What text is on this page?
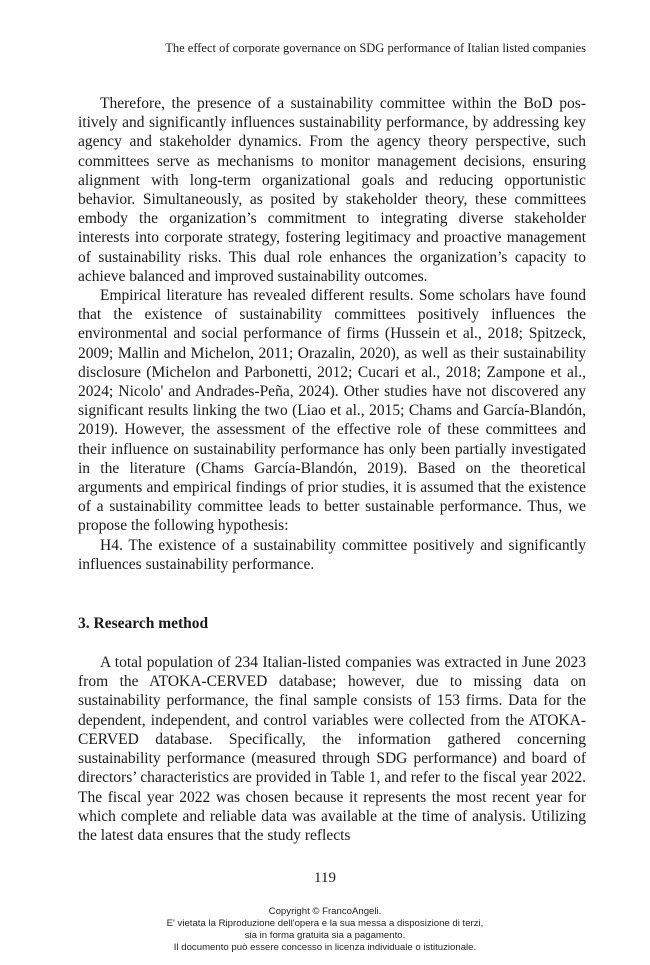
The effect of corporate governance on SDG performance of Italian listed companies

Therefore, the presence of a sustainability committee within the BoD positively and significantly influences sustainability performance, by addressing key agency and stakeholder dynamics. From the agency theory perspective, such committees serve as mechanisms to monitor management decisions, ensuring alignment with long-term organizational goals and reducing opportunistic behavior. Simultaneously, as posited by stakeholder theory, these committees embody the organization’s commitment to integrating diverse stakeholder interests into corporate strategy, fostering legitimacy and proactive management of sustainability risks. This dual role enhances the organization’s capacity to achieve balanced and improved sustainability outcomes.

Empirical literature has revealed different results. Some scholars have found that the existence of sustainability committees positively influences the environmental and social performance of firms (Hussein et al., 2018; Spitzeck, 2009; Mallin and Michelon, 2011; Orazalin, 2020), as well as their sustainability disclosure (Michelon and Parbonetti, 2012; Cucari et al., 2018; Zampone et al., 2024; Nicolo' and Andrades-Peña, 2024). Other studies have not discovered any significant results linking the two (Liao et al., 2015; Chams and García-Blandón, 2019). However, the assessment of the effective role of these committees and their influence on sustainability performance has only been partially investigated in the literature (Chams García-Blandón, 2019). Based on the theoretical arguments and empirical findings of prior studies, it is assumed that the existence of a sustainability committee leads to better sustainable performance. Thus, we propose the following hypothesis:

H4. The existence of a sustainability committee positively and significantly influences sustainability performance.

3. Research method

A total population of 234 Italian-listed companies was extracted in June 2023 from the ATOKA-CERVED database; however, due to missing data on sustainability performance, the final sample consists of 153 firms. Data for the dependent, independent, and control variables were collected from the ATOKA-CERVED database. Specifically, the information gathered concerning sustainability performance (measured through SDG performance) and board of directors’ characteristics are provided in Table 1, and refer to the fiscal year 2022. The fiscal year 2022 was chosen because it represents the most recent year for which complete and reliable data was available at the time of analysis. Utilizing the latest data ensures that the study reflects

119
Copyright © FrancoAngeli.
E' vietata la Riproduzione dell'opera e la sua messa a disposizione di terzi,
sia in forma gratuita sia a pagamento.
Il documento può essere concesso in licenza individuale o istituzionale.
